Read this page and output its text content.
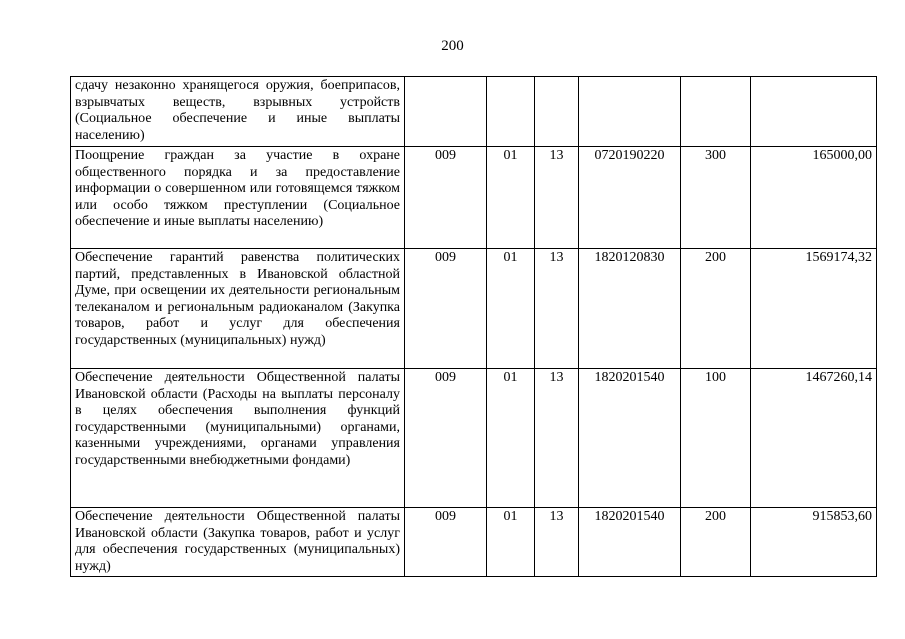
200
сдачу незаконно хранящегося оружия, боеприпасов, взрывчатых веществ, взрывных устройств (Социальное обеспечение и иные выплаты населению)						
Поощрение граждан за участие в охране общественного порядка и за предоставление информации о совершенном или готовящемся тяжком или особо тяжком преступлении (Социальное обеспечение и иные выплаты населению)	009	01	13	0720190220	300	165000,00
Обеспечение гарантий равенства политических партий, представленных в Ивановской областной Думе, при освещении их деятельности региональным телеканалом и региональным радиоканалом (Закупка товаров, работ и услуг для обеспечения государственных (муниципальных) нужд)	009	01	13	1820120830	200	1569174,32
Обеспечение деятельности Общественной палаты Ивановской области (Расходы на выплаты персоналу в целях обеспечения выполнения функций государственными (муниципальными) органами, казенными учреждениями, органами управления государственными внебюджетными фондами)	009	01	13	1820201540	100	1467260,14
Обеспечение деятельности Общественной палаты Ивановской области (Закупка товаров, работ и услуг для обеспечения государственных (муниципальных) нужд)	009	01	13	1820201540	200	915853,60
